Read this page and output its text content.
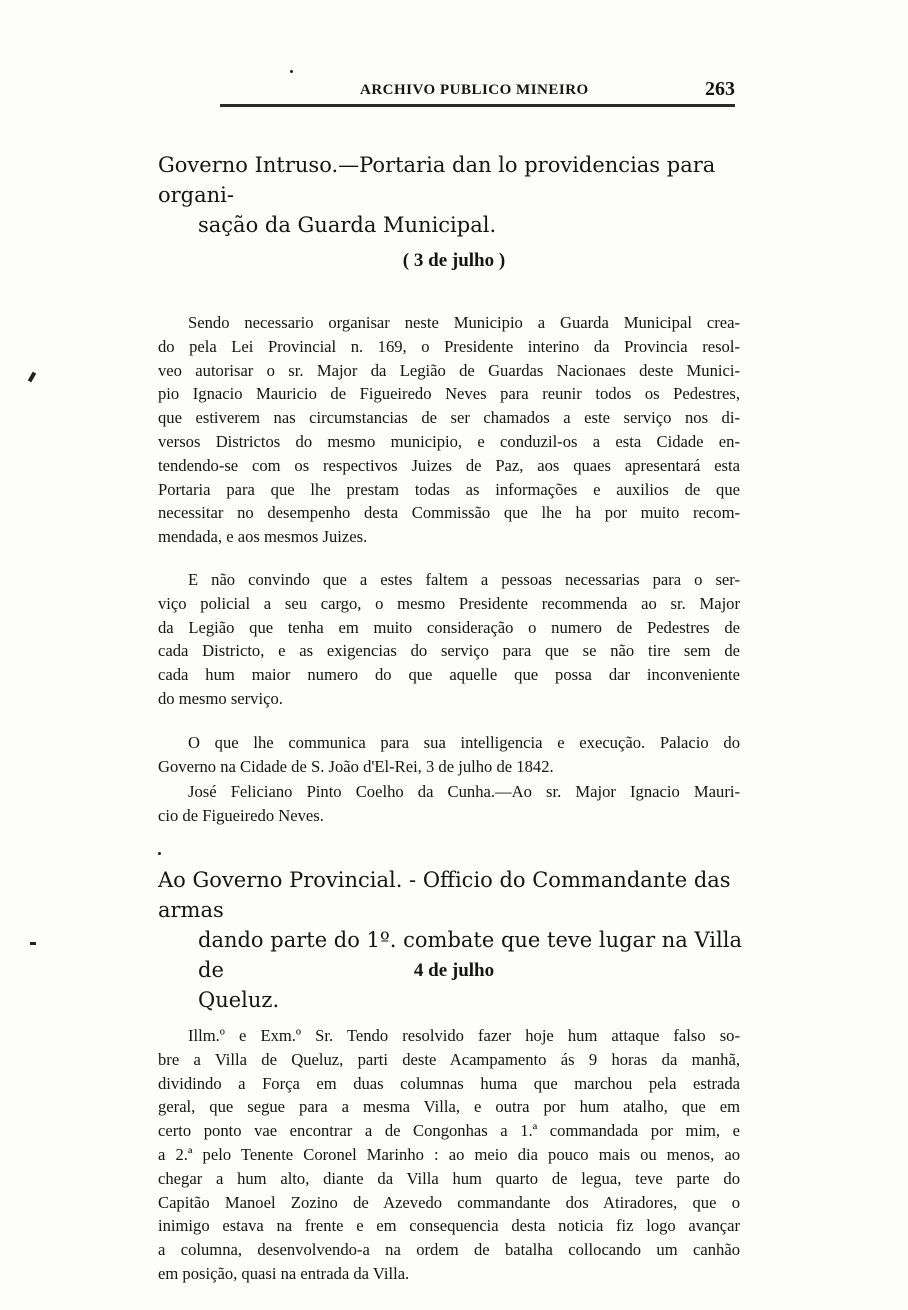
ARCHIVO PUBLICO MINEIRO	263
Governo Intruso.—Portaria dan lo providencias para organi-
sação da Guarda Municipal.
( 3 de julho )

Sendo necessario organisar neste Municipio a Guarda Municipal crea-
do pela Lei Provincial n. 169, o Presidente interino da Provincia resol-
veo autorisar o sr. Major da Legião de Guardas Nacionaes deste Munici-
pio Ignacio Mauricio de Figueiredo Neves para reunir todos os Pedestres,
que estiverem nas circumstancias de ser chamados a este serviço nos di-
versos Districtos do mesmo municipio, e conduzil-os a esta Cidade en-
tendendo-se com os respectivos Juizes de Paz, aos quaes apresentará esta
Portaria para que lhe prestam todas as informações e auxilios de que
necessitar no desempenho desta Commissão que lhe ha por muito recom-
mendada, e aos mesmos Juizes.

E não convindo que a estes faltem a pessoas necessarias para o ser-
viço policial a seu cargo, o mesmo Presidente recommenda ao sr. Major
da Legião que tenha em muito consideração o numero de Pedestres de
cada Districto, e as exigencias do serviço para que se não tire sem de
cada hum maior numero do que aquelle que possa dar inconveniente
do mesmo serviço.

O que lhe communica para sua intelligencia e execução. Palacio do
Governo na Cidade de S. João d'El-Rei, 3 de julho de 1842.

José Feliciano Pinto Coelho da Cunha.—Ao sr. Major Ignacio Mauri-
cio de Figueiredo Neves.

Ao Governo Provincial. - Officio do Commandante das armas
dando parte do 1º. combate que teve lugar na Villa de
Queluz.
4 de julho

Illm.º e Exm.º Sr. Tendo resolvido fazer hoje hum attaque falso so-
bre a Villa de Queluz, parti deste Acampamento ás 9 horas da manhã,
dividindo a Força em duas columnas huma que marchou pela estrada
geral, que segue para a mesma Villa, e outra por hum atalho, que em
certo ponto vae encontrar a de Congonhas a 1.ª commandada por mim, e
a 2.ª pelo Tenente Coronel Marinho : ao meio dia pouco mais ou menos, ao
chegar a hum alto, diante da Villa hum quarto de legua, teve parte do
Capitão Manoel Zozino de Azevedo commandante dos Atiradores, que o
inimigo estava na frente e em consequencia desta noticia fiz logo avançar
a columna, desenvolvendo-a na ordem de batalha collocando um canhão
em posição, quasi na entrada da Villa.
